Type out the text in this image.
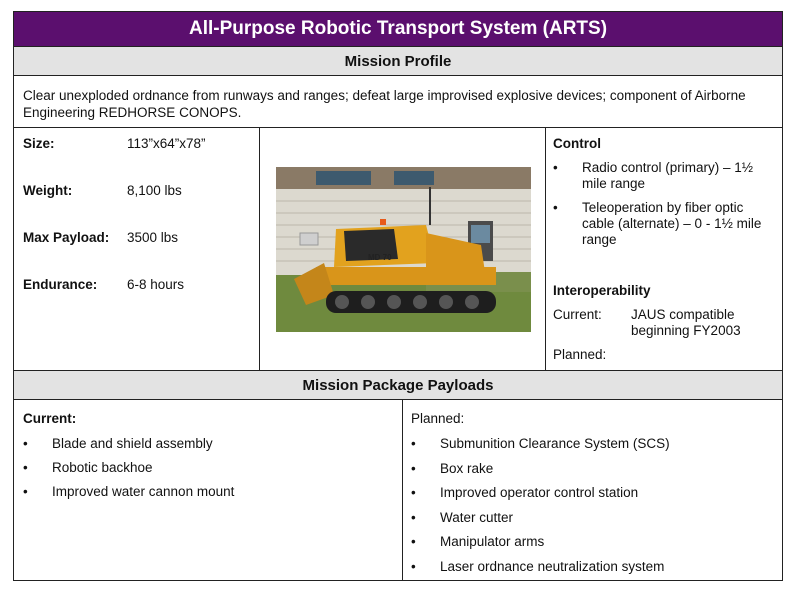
All-Purpose Robotic Transport System (ARTS)
Mission Profile
Clear unexploded ordnance from runways and ranges; defeat large improvised explosive devices; component of Airborne Engineering REDHORSE CONOPS.
Size:	113”x64”x78”
Weight:	8,100 lbs
Max Payload: 3500 lbs
Endurance: 6-8 hours
MD 70
Control
• Radio control (primary) – 1½ mile range
• Teleoperation by fiber optic cable (alternate) – 0 - 1½ mile range
Interoperability
Current: JAUS compatible beginning FY2003
Planned:
Mission Package Payloads
Current:
• Blade and shield assembly
• Robotic backhoe
• Improved water cannon mount
Planned:
• Submunition Clearance System (SCS)
• Box rake
• Improved operator control station
• Water cutter
• Manipulator arms
• Laser ordnance neutralization system
